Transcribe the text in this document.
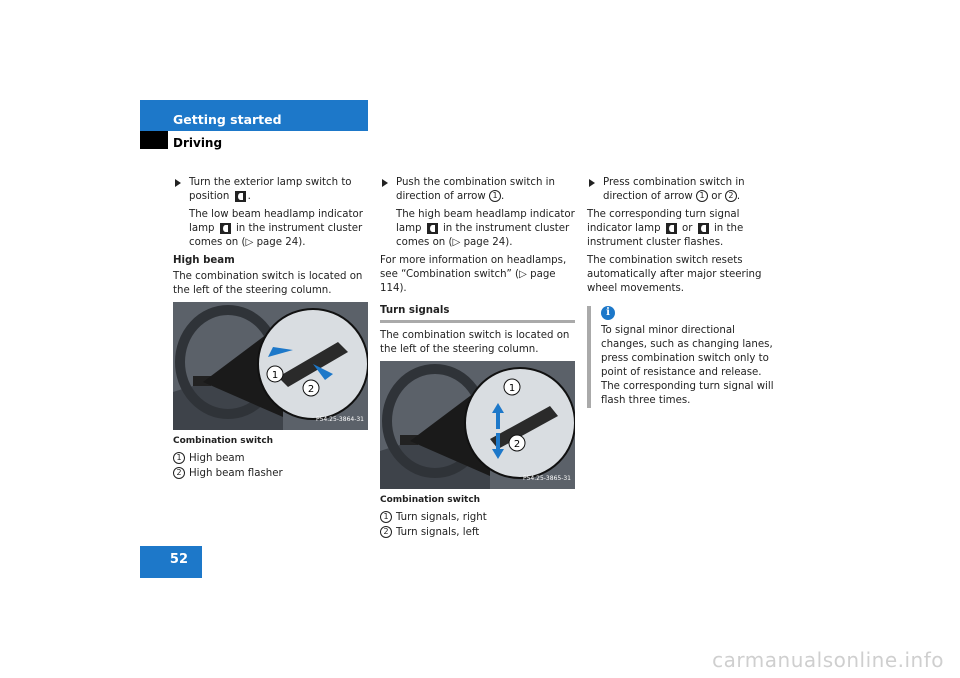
Getting started
Driving
Turn the exterior lamp switch to position .
The low beam headlamp indicator lamp in the instrument cluster comes on (▷ page 24).
High beam

The combination switch is located on the left of the steering column.

1
2
P54.25-3864-31
Combination switch
1 High beam
2 High beam flasher
Push the combination switch in direction of arrow 1 .
The high beam headlamp indicator lamp in the instrument cluster comes on (▷ page 24).

For more information on headlamps, see “Combination switch” (▷ page 114).

Turn signals

The combination switch is located on the left of the steering column.

1
2
P54.25-3865-31
Combination switch
1 Turn signals, right
2 Turn signals, left
Press combination switch in direction of arrow 1 or 2 .

The corresponding turn signal indicator lamp or in the instrument cluster flashes.

The combination switch resets automatically after major steering wheel movements.

i

To signal minor directional changes, such as changing lanes, press combination switch only to point of resistance and release. The corresponding turn signal will flash three times.

52
carmanualsonline.info
